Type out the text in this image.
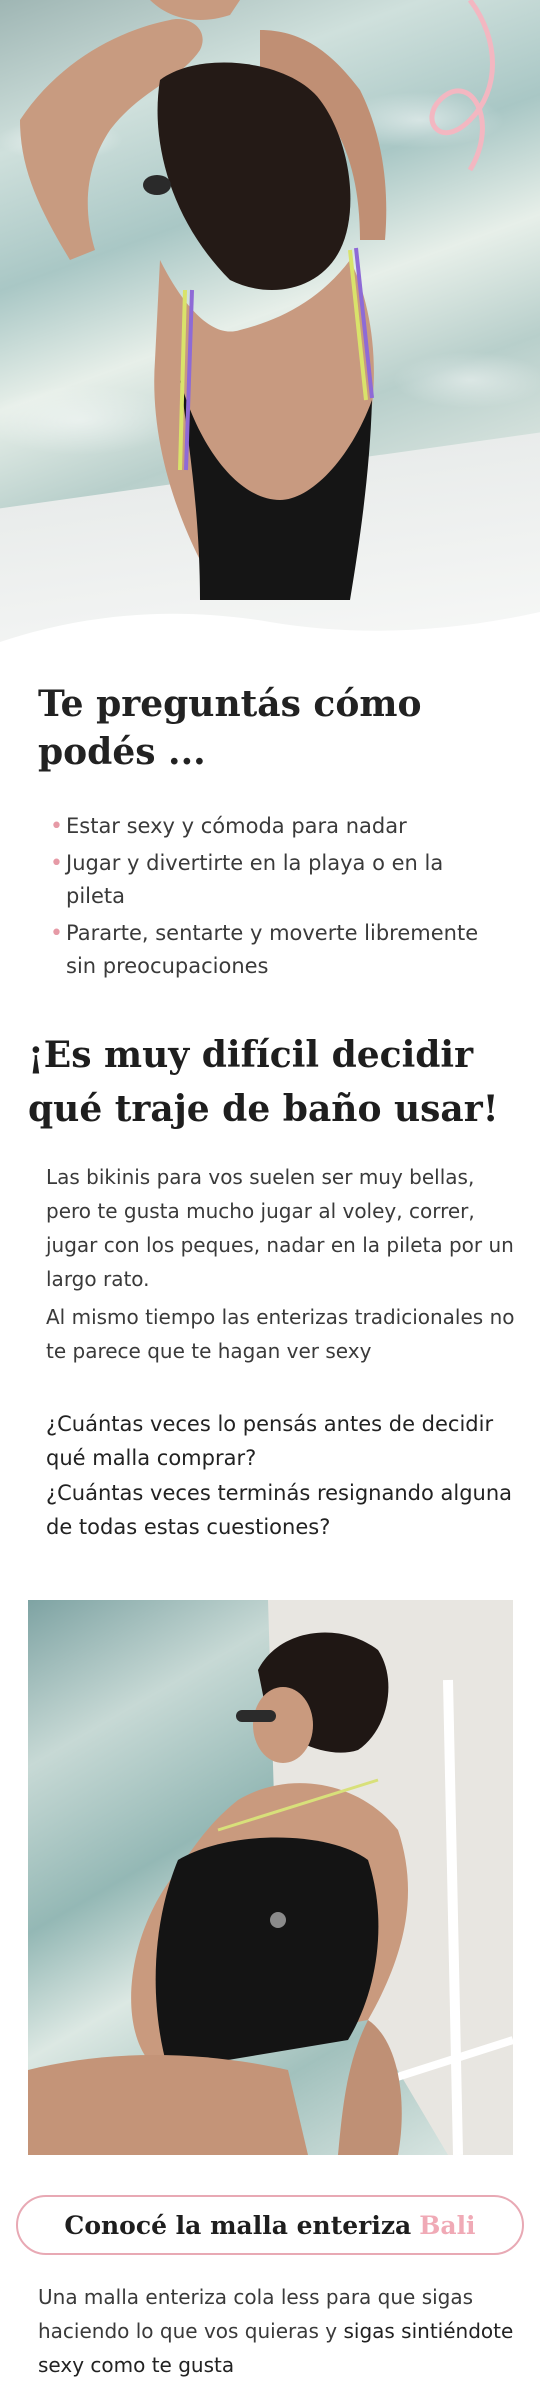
Te preguntás cómo podés ...
• Estar sexy y cómoda para nadar
• Jugar y divertirte en la playa o en la pileta
• Pararte, sentarte y moverte libremente sin preocupaciones
¡Es muy difícil decidir qué traje de baño usar!

Las bikinis para vos suelen ser muy bellas, pero te gusta mucho jugar al voley, correr, jugar con los peques, nadar en la pileta por un largo rato.

Al mismo tiempo las enterizas tradicionales no te parece que te hagan ver sexy

¿Cuántas veces lo pensás antes de decidir qué malla comprar?

¿Cuántas veces terminás resignando alguna de todas estas cuestiones?

Conocé la malla enteriza Bali

Una malla enteriza cola less para que sigas haciendo lo que vos quieras y sigas sintiéndote sexy como te gusta
